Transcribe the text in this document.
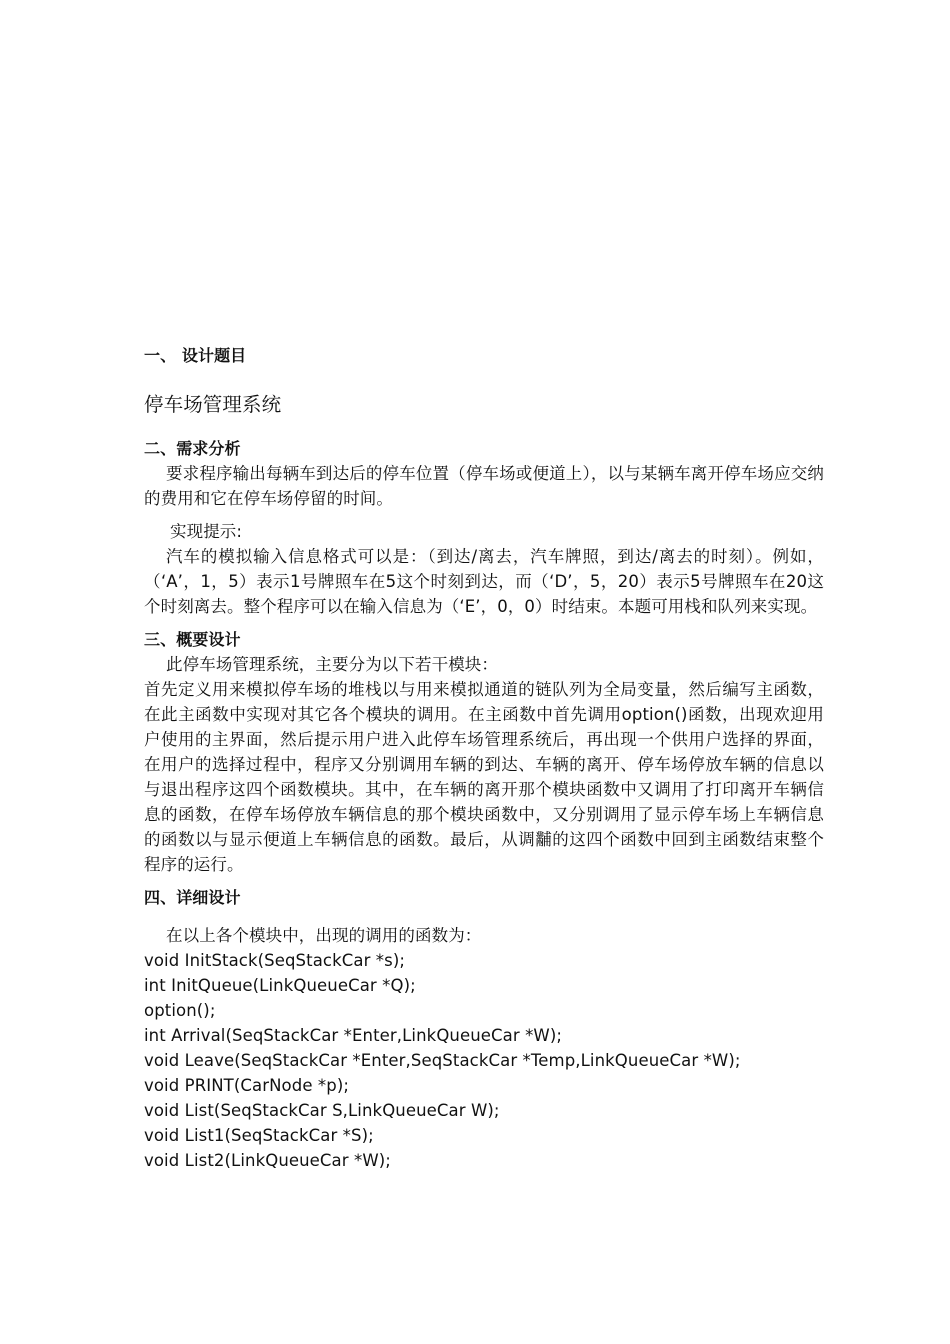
一、 设计题目

停车场管理系统

二、需求分析

要求程序输出每辆车到达后的停车位置（停车场或便道上），以与某辆车离开停车场应交纳的费用和它在停车场停留的时间。

实现提示:

汽车的模拟输入信息格式可以是：（到达/离去，汽车牌照，到达/离去的时刻）。例如，（‘A’，1，5）表示1号牌照车在5这个时刻到达，而（‘D’，5，20）表示5号牌照车在20这个时刻离去。整个程序可以在输入信息为（‘E’，0，0）时结束。本题可用栈和队列来实现。

三、概要设计

此停车场管理系统，主要分为以下若干模块：

首先定义用来模拟停车场的堆栈以与用来模拟通道的链队列为全局变量，然后编写主函数，在此主函数中实现对其它各个模块的调用。在主函数中首先调用option()函数，出现欢迎用户使用的主界面，然后提示用户进入此停车场管理系统后，再出现一个供用户选择的界面，在用户的选择过程中，程序又分别调用车辆的到达、车辆的离开、停车场停放车辆的信息以与退出程序这四个函数模块。其中，在车辆的离开那个模块函数中又调用了打印离开车辆信息的函数，在停车场停放车辆信息的那个模块函数中，又分别调用了显示停车场上车辆信息的函数以与显示便道上车辆信息的函数。最后，从调黼的这四个函数中回到主函数结束整个程序的运行。

四、详细设计

在以上各个模块中，出现的调用的函数为：

void InitStack(SeqStackCar *s);

int InitQueue(LinkQueueCar *Q);

option();

int Arrival(SeqStackCar *Enter,LinkQueueCar *W);

void Leave(SeqStackCar *Enter,SeqStackCar *Temp,LinkQueueCar *W);

void PRINT(CarNode *p);

void List(SeqStackCar S,LinkQueueCar W);

void List1(SeqStackCar *S);

void List2(LinkQueueCar *W);
